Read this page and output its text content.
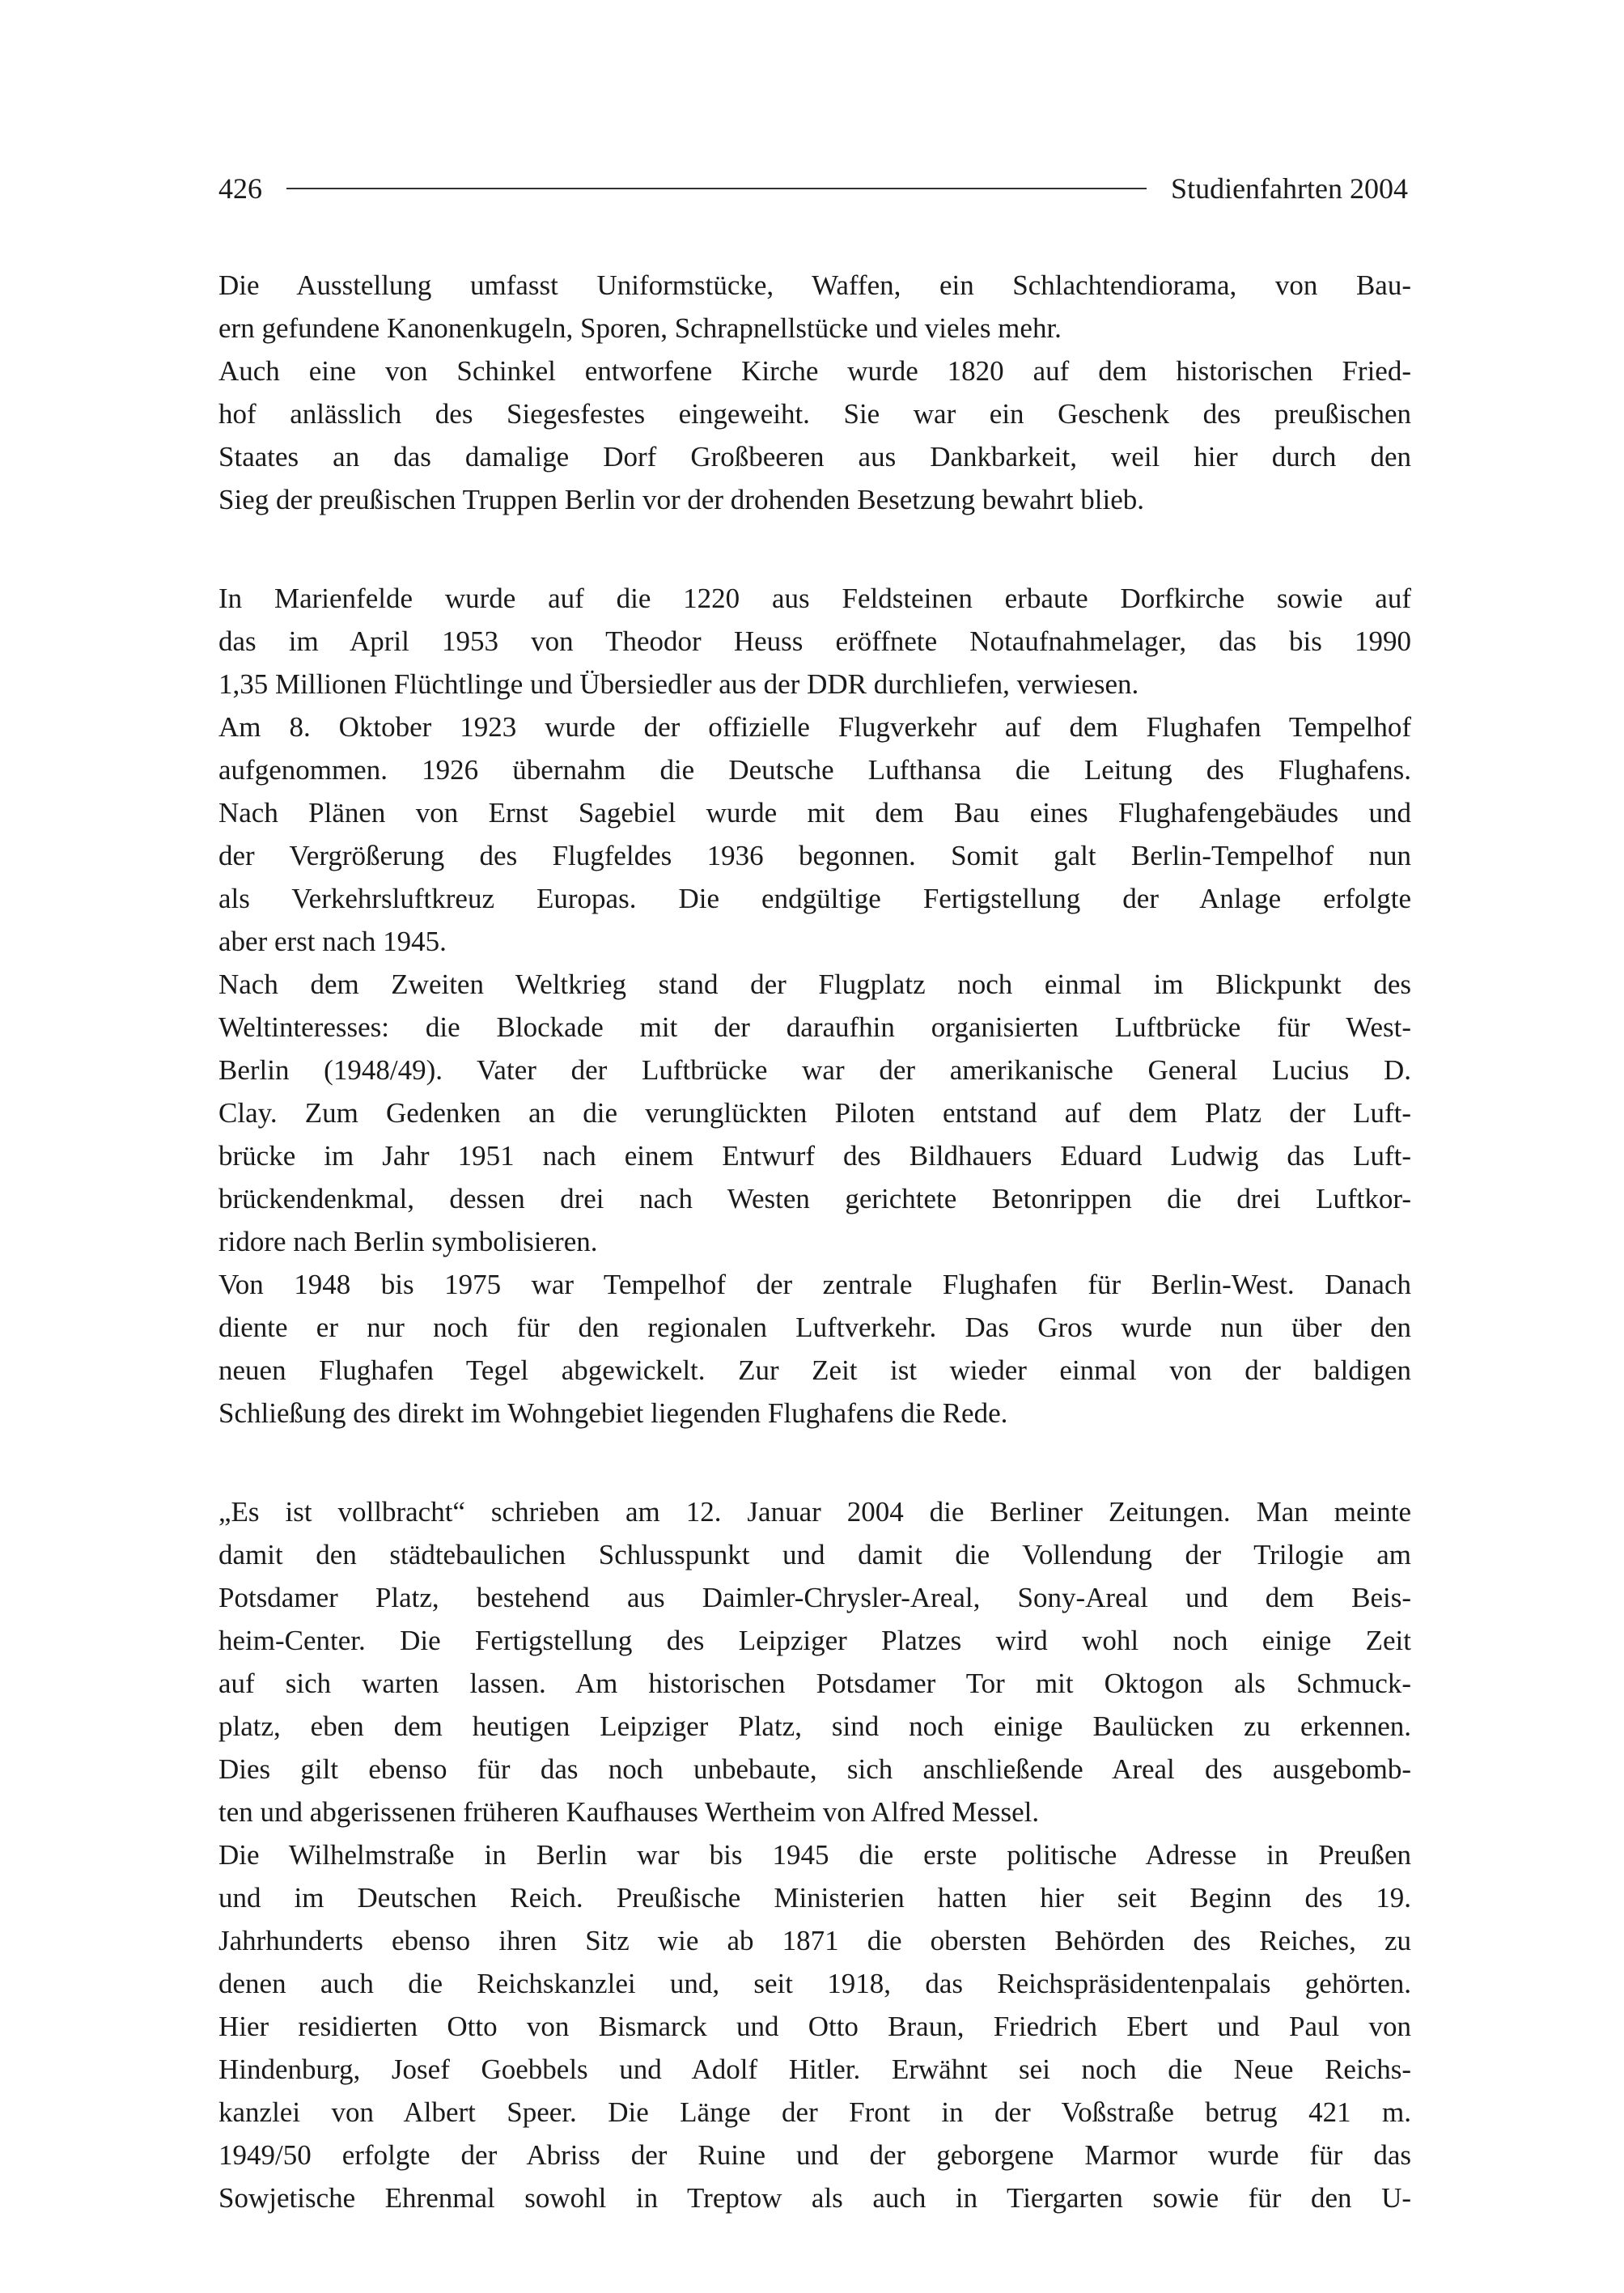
426	Studienfahrten 2004
Die Ausstellung umfasst Uniformstücke, Waffen, ein Schlachtendiorama, von Bau-
ern gefundene Kanonenkugeln, Sporen, Schrapnellstücke und vieles mehr.
Auch eine von Schinkel entworfene Kirche wurde 1820 auf dem historischen Fried-
hof anlässlich des Siegesfestes eingeweiht. Sie war ein Geschenk des preußischen
Staates an das damalige Dorf Großbeeren aus Dankbarkeit, weil hier durch den
Sieg der preußischen Truppen Berlin vor der drohenden Besetzung bewahrt blieb.
In Marienfelde wurde auf die 1220 aus Feldsteinen erbaute Dorfkirche sowie auf
das im April 1953 von Theodor Heuss eröffnete Notaufnahmelager, das bis 1990
1,35 Millionen Flüchtlinge und Übersiedler aus der DDR durchliefen, verwiesen.
Am 8. Oktober 1923 wurde der offizielle Flugverkehr auf dem Flughafen Tempelhof
aufgenommen. 1926 übernahm die Deutsche Lufthansa die Leitung des Flughafens.
Nach Plänen von Ernst Sagebiel wurde mit dem Bau eines Flughafengebäudes und
der Vergrößerung des Flugfeldes 1936 begonnen. Somit galt Berlin-Tempelhof nun
als Verkehrsluftkreuz Europas. Die endgültige Fertigstellung der Anlage erfolgte
aber erst nach 1945.
Nach dem Zweiten Weltkrieg stand der Flugplatz noch einmal im Blickpunkt des
Weltinteresses: die Blockade mit der daraufhin organisierten Luftbrücke für West-
Berlin (1948/49). Vater der Luftbrücke war der amerikanische General Lucius D.
Clay. Zum Gedenken an die verunglückten Piloten entstand auf dem Platz der Luft-
brücke im Jahr 1951 nach einem Entwurf des Bildhauers Eduard Ludwig das Luft-
brückendenkmal, dessen drei nach Westen gerichtete Betonrippen die drei Luftkor-
ridore nach Berlin symbolisieren.
Von 1948 bis 1975 war Tempelhof der zentrale Flughafen für Berlin-West. Danach
diente er nur noch für den regionalen Luftverkehr. Das Gros wurde nun über den
neuen Flughafen Tegel abgewickelt. Zur Zeit ist wieder einmal von der baldigen
Schließung des direkt im Wohngebiet liegenden Flughafens die Rede.
„Es ist vollbracht“ schrieben am 12. Januar 2004 die Berliner Zeitungen. Man meinte
damit den städtebaulichen Schlusspunkt und damit die Vollendung der Trilogie am
Potsdamer Platz, bestehend aus Daimler-Chrysler-Areal, Sony-Areal und dem Beis-
heim-Center. Die Fertigstellung des Leipziger Platzes wird wohl noch einige Zeit
auf sich warten lassen. Am historischen Potsdamer Tor mit Oktogon als Schmuck-
platz, eben dem heutigen Leipziger Platz, sind noch einige Baulücken zu erkennen.
Dies gilt ebenso für das noch unbebaute, sich anschließende Areal des ausgebomb-
ten und abgerissenen früheren Kaufhauses Wertheim von Alfred Messel.
Die Wilhelmstraße in Berlin war bis 1945 die erste politische Adresse in Preußen
und im Deutschen Reich. Preußische Ministerien hatten hier seit Beginn des 19.
Jahrhunderts ebenso ihren Sitz wie ab 1871 die obersten Behörden des Reiches, zu
denen auch die Reichskanzlei und, seit 1918, das Reichspräsidentenpalais gehörten.
Hier residierten Otto von Bismarck und Otto Braun, Friedrich Ebert und Paul von
Hindenburg, Josef Goebbels und Adolf Hitler. Erwähnt sei noch die Neue Reichs-
kanzlei von Albert Speer. Die Länge der Front in der Voßstraße betrug 421 m.
1949/50 erfolgte der Abriss der Ruine und der geborgene Marmor wurde für das
Sowjetische Ehrenmal sowohl in Treptow als auch in Tiergarten sowie für den U-
